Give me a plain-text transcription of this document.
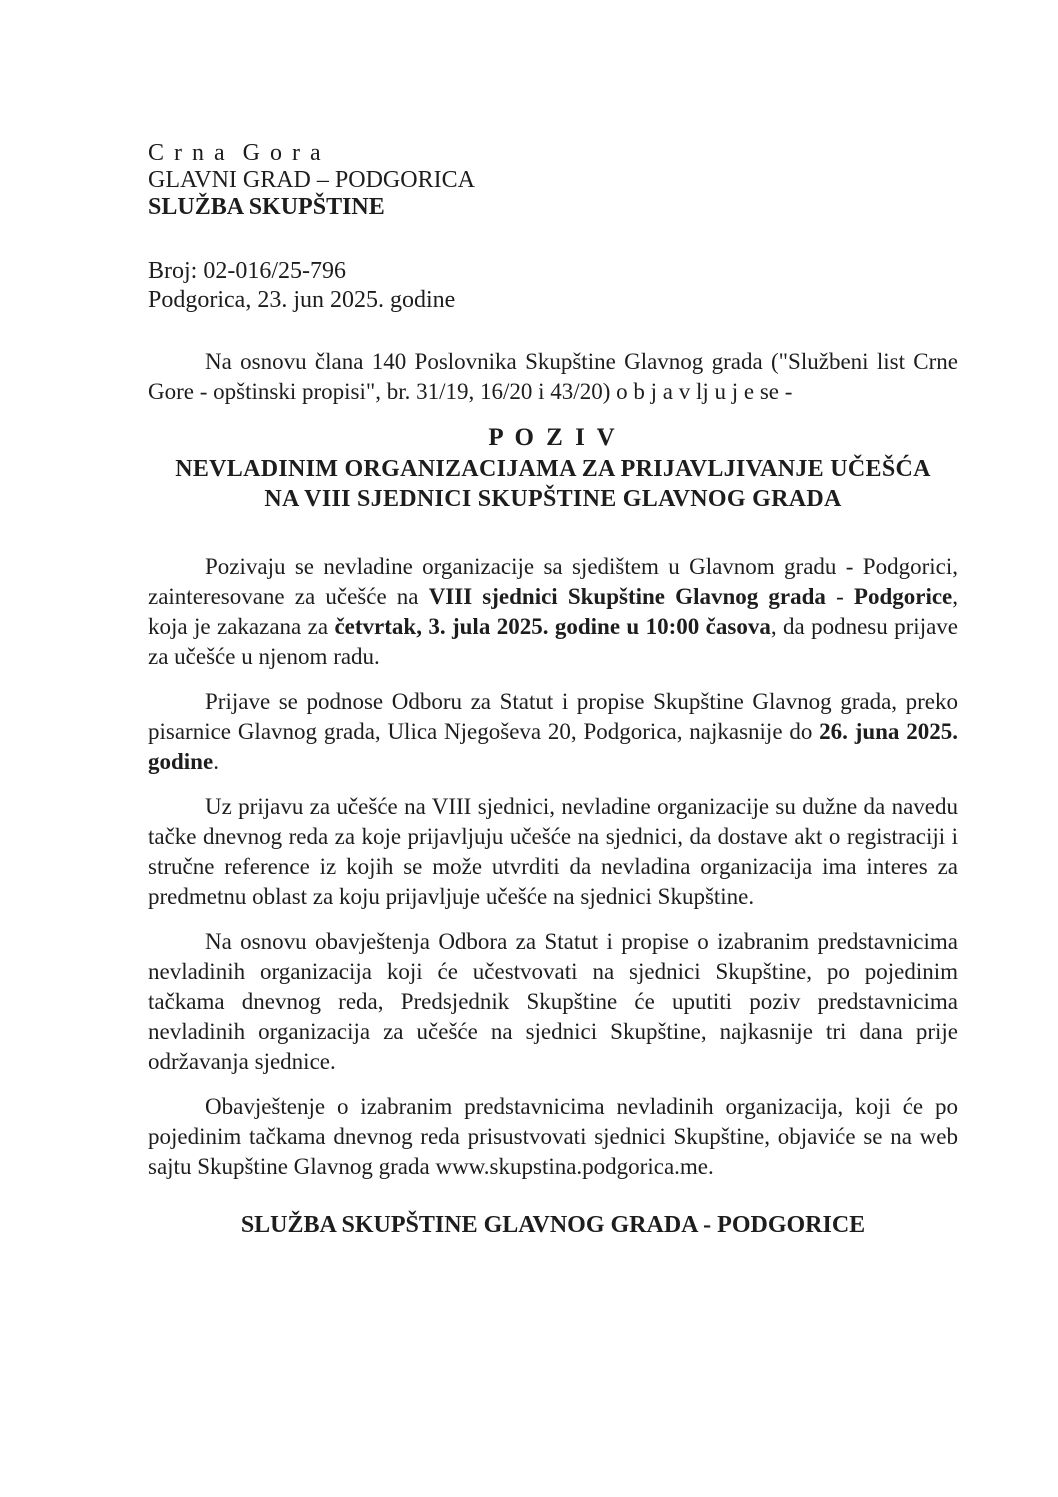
C r n a  G o r a
GLAVNI GRAD – PODGORICA
SLUŽBA SKUPŠTINE
Broj: 02-016/25-796
Podgorica, 23. jun 2025. godine

Na osnovu člana 140 Poslovnika Skupštine Glavnog grada ("Službeni list Crne Gore - opštinski propisi", br. 31/19, 16/20 i 43/20) o b j a v lj u j e se -

P O Z I V
NEVLADINIM ORGANIZACIJAMA ZA PRIJAVLJIVANJE UČEŠĆA
NA VIII SJEDNICI SKUPŠTINE GLAVNOG GRADA

Pozivaju se nevladine organizacije sa sjedištem u Glavnom gradu - Podgorici, zainteresovane za učešće na VIII sjednici Skupštine Glavnog grada - Podgorice, koja je zakazana za četvrtak, 3. jula 2025. godine u 10:00 časova, da podnesu prijave za učešće u njenom radu.

Prijave se podnose Odboru za Statut i propise Skupštine Glavnog grada, preko pisarnice Glavnog grada, Ulica Njegoševa 20, Podgorica, najkasnije do 26. juna 2025. godine.

Uz prijavu za učešće na VIII sjednici, nevladine organizacije su dužne da navedu tačke dnevnog reda za koje prijavljuju učešće na sjednici, da dostave akt o registraciji i stručne reference iz kojih se može utvrditi da nevladina organizacija ima interes za predmetnu oblast za koju prijavljuje učešće na sjednici Skupštine.

Na osnovu obavještenja Odbora za Statut i propise o izabranim predstavnicima nevladinih organizacija koji će učestvovati na sjednici Skupštine, po pojedinim tačkama dnevnog reda, Predsjednik Skupštine će uputiti poziv predstavnicima nevladinih organizacija za učešće na sjednici Skupštine, najkasnije tri dana prije održavanja sjednice.

Obavještenje o izabranim predstavnicima nevladinih organizacija, koji će po pojedinim tačkama dnevnog reda prisustvovati sjednici Skupštine, objaviće se na web sajtu Skupštine Glavnog grada www.skupstina.podgorica.me.

SLUŽBA SKUPŠTINE GLAVNOG GRADA - PODGORICE
